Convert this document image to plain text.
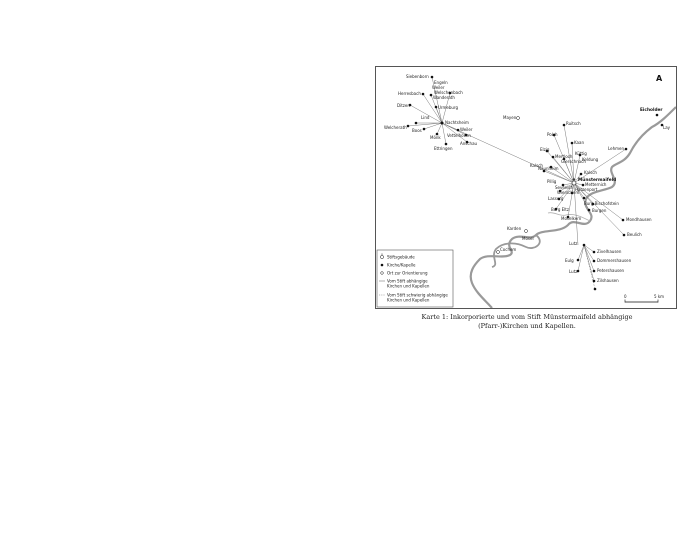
Siebenborn
Engeln
Weiler
Welschenbach
Herresbach
Wanderath
Ditzen	Urmeburg
Lind
Nachtsheim
Welcherath
Boos	Weiler
Mönk
Anschau
Mayen
Vettelhoven
Ettringen
Polch
Ruitsch
Kaan
Elzig
Mertloch
Gierschnach
Küttig
Keldung
Naunheim
Kalsch
Kalsch
Münstermaifeld
Metternich
Pillig
Sevenich
Wierschem
Lasserg
Hatzenport
Burg Bischofstein
Burg Eltz
Moselkern
Burgen
Karden
Mosel
Cochem
Mondhausen
Beulich
Lutz
Zivelhausen
Dommershausen
Eulg
Petershausen
Lutz
Zilshausen
Lay
Lehmen
Eicholder
A
Stiftsgebäude
Kirche/Kapelle
Ort zur Orientierung
Vom Stift abhängige
Kirchen und Kapellen
Vom Stift schwierig abhängige
Kirchen und Kapellen
0	5 km
Karte 1: Inkorporierte und vom Stift Münstermaifeld abhängige
(Pfarr-)Kirchen und Kapellen.
